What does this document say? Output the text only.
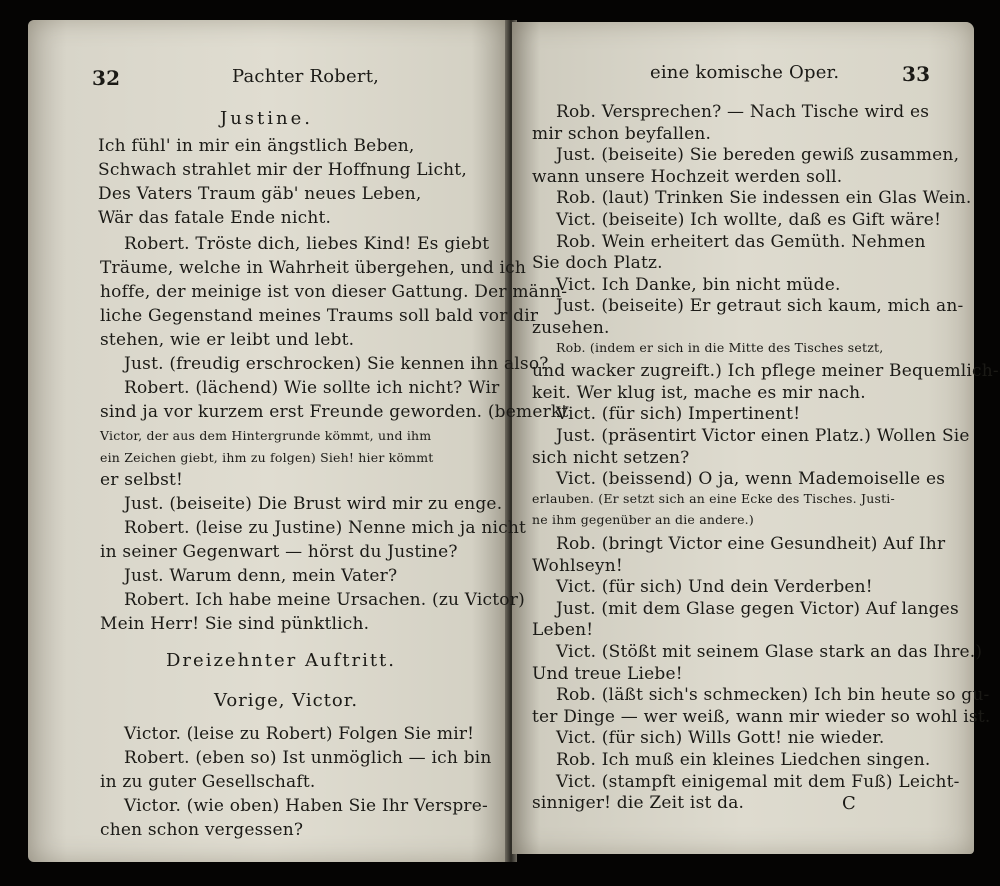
32	Pachter Robert,
Justine.
Ich fühl' in mir ein ängstlich Beben,
Schwach strahlet mir der Hoffnung Licht,
Des Vaters Traum gäb' neues Leben,
Wär das fatale Ende nicht.
Robert. Tröste dich, liebes Kind! Es giebt
Träume, welche in Wahrheit übergehen, und ich
hoffe, der meinige ist von dieser Gattung. Der männ-
liche Gegenstand meines Traums soll bald vor dir
stehen, wie er leibt und lebt.
Just. (freudig erschrocken) Sie kennen ihn also?
Robert. (lächend) Wie sollte ich nicht? Wir
sind ja vor kurzem erst Freunde geworden. (bemerkt
Victor, der aus dem Hintergrunde kömmt, und ihm
ein Zeichen giebt, ihm zu folgen) Sieh! hier kömmt
er selbst!
Just. (beiseite) Die Brust wird mir zu enge.
Robert. (leise zu Justine) Nenne mich ja nicht
in seiner Gegenwart — hörst du Justine?
Just. Warum denn, mein Vater?
Robert. Ich habe meine Ursachen. (zu Victor)
Mein Herr! Sie sind pünktlich.
Dreizehnter Auftritt.
Vorige, Victor.
Victor. (leise zu Robert) Folgen Sie mir!
Robert. (eben so) Ist unmöglich — ich bin
in zu guter Gesellschaft.
Victor. (wie oben) Haben Sie Ihr Verspre-
chen schon vergessen?
eine komische Oper.	33
Rob. Versprechen? — Nach Tische wird es
mir schon beyfallen.
Just. (beiseite) Sie bereden gewiß zusammen,
wann unsere Hochzeit werden soll.
Rob. (laut) Trinken Sie indessen ein Glas Wein.
Vict. (beiseite) Ich wollte, daß es Gift wäre!
Rob. Wein erheitert das Gemüth. Nehmen
Sie doch Platz.
Vict. Ich Danke, bin nicht müde.
Just. (beiseite) Er getraut sich kaum, mich an-
zusehen.
Rob. (indem er sich in die Mitte des Tisches setzt,
und wacker zugreift.) Ich pflege meiner Bequemlich-
keit. Wer klug ist, mache es mir nach.
Vict. (für sich) Impertinent!
Just. (präsentirt Victor einen Platz.) Wollen Sie
sich nicht setzen?
Vict. (beissend) O ja, wenn Mademoiselle es
erlauben. (Er setzt sich an eine Ecke des Tisches. Justi-
ne ihm gegenüber an die andere.)
Rob. (bringt Victor eine Gesundheit) Auf Ihr
Wohlseyn!
Vict. (für sich) Und dein Verderben!
Just. (mit dem Glase gegen Victor) Auf langes
Leben!
Vict. (Stößt mit seinem Glase stark an das Ihre.)
Und treue Liebe!
Rob. (läßt sich's schmecken) Ich bin heute so gu-
ter Dinge — wer weiß, wann mir wieder so wohl ist.
Vict. (für sich) Wills Gott! nie wieder.
Rob. Ich muß ein kleines Liedchen singen.
Vict. (stampft einigemal mit dem Fuß) Leicht-
sinniger! die Zeit ist da.	C
